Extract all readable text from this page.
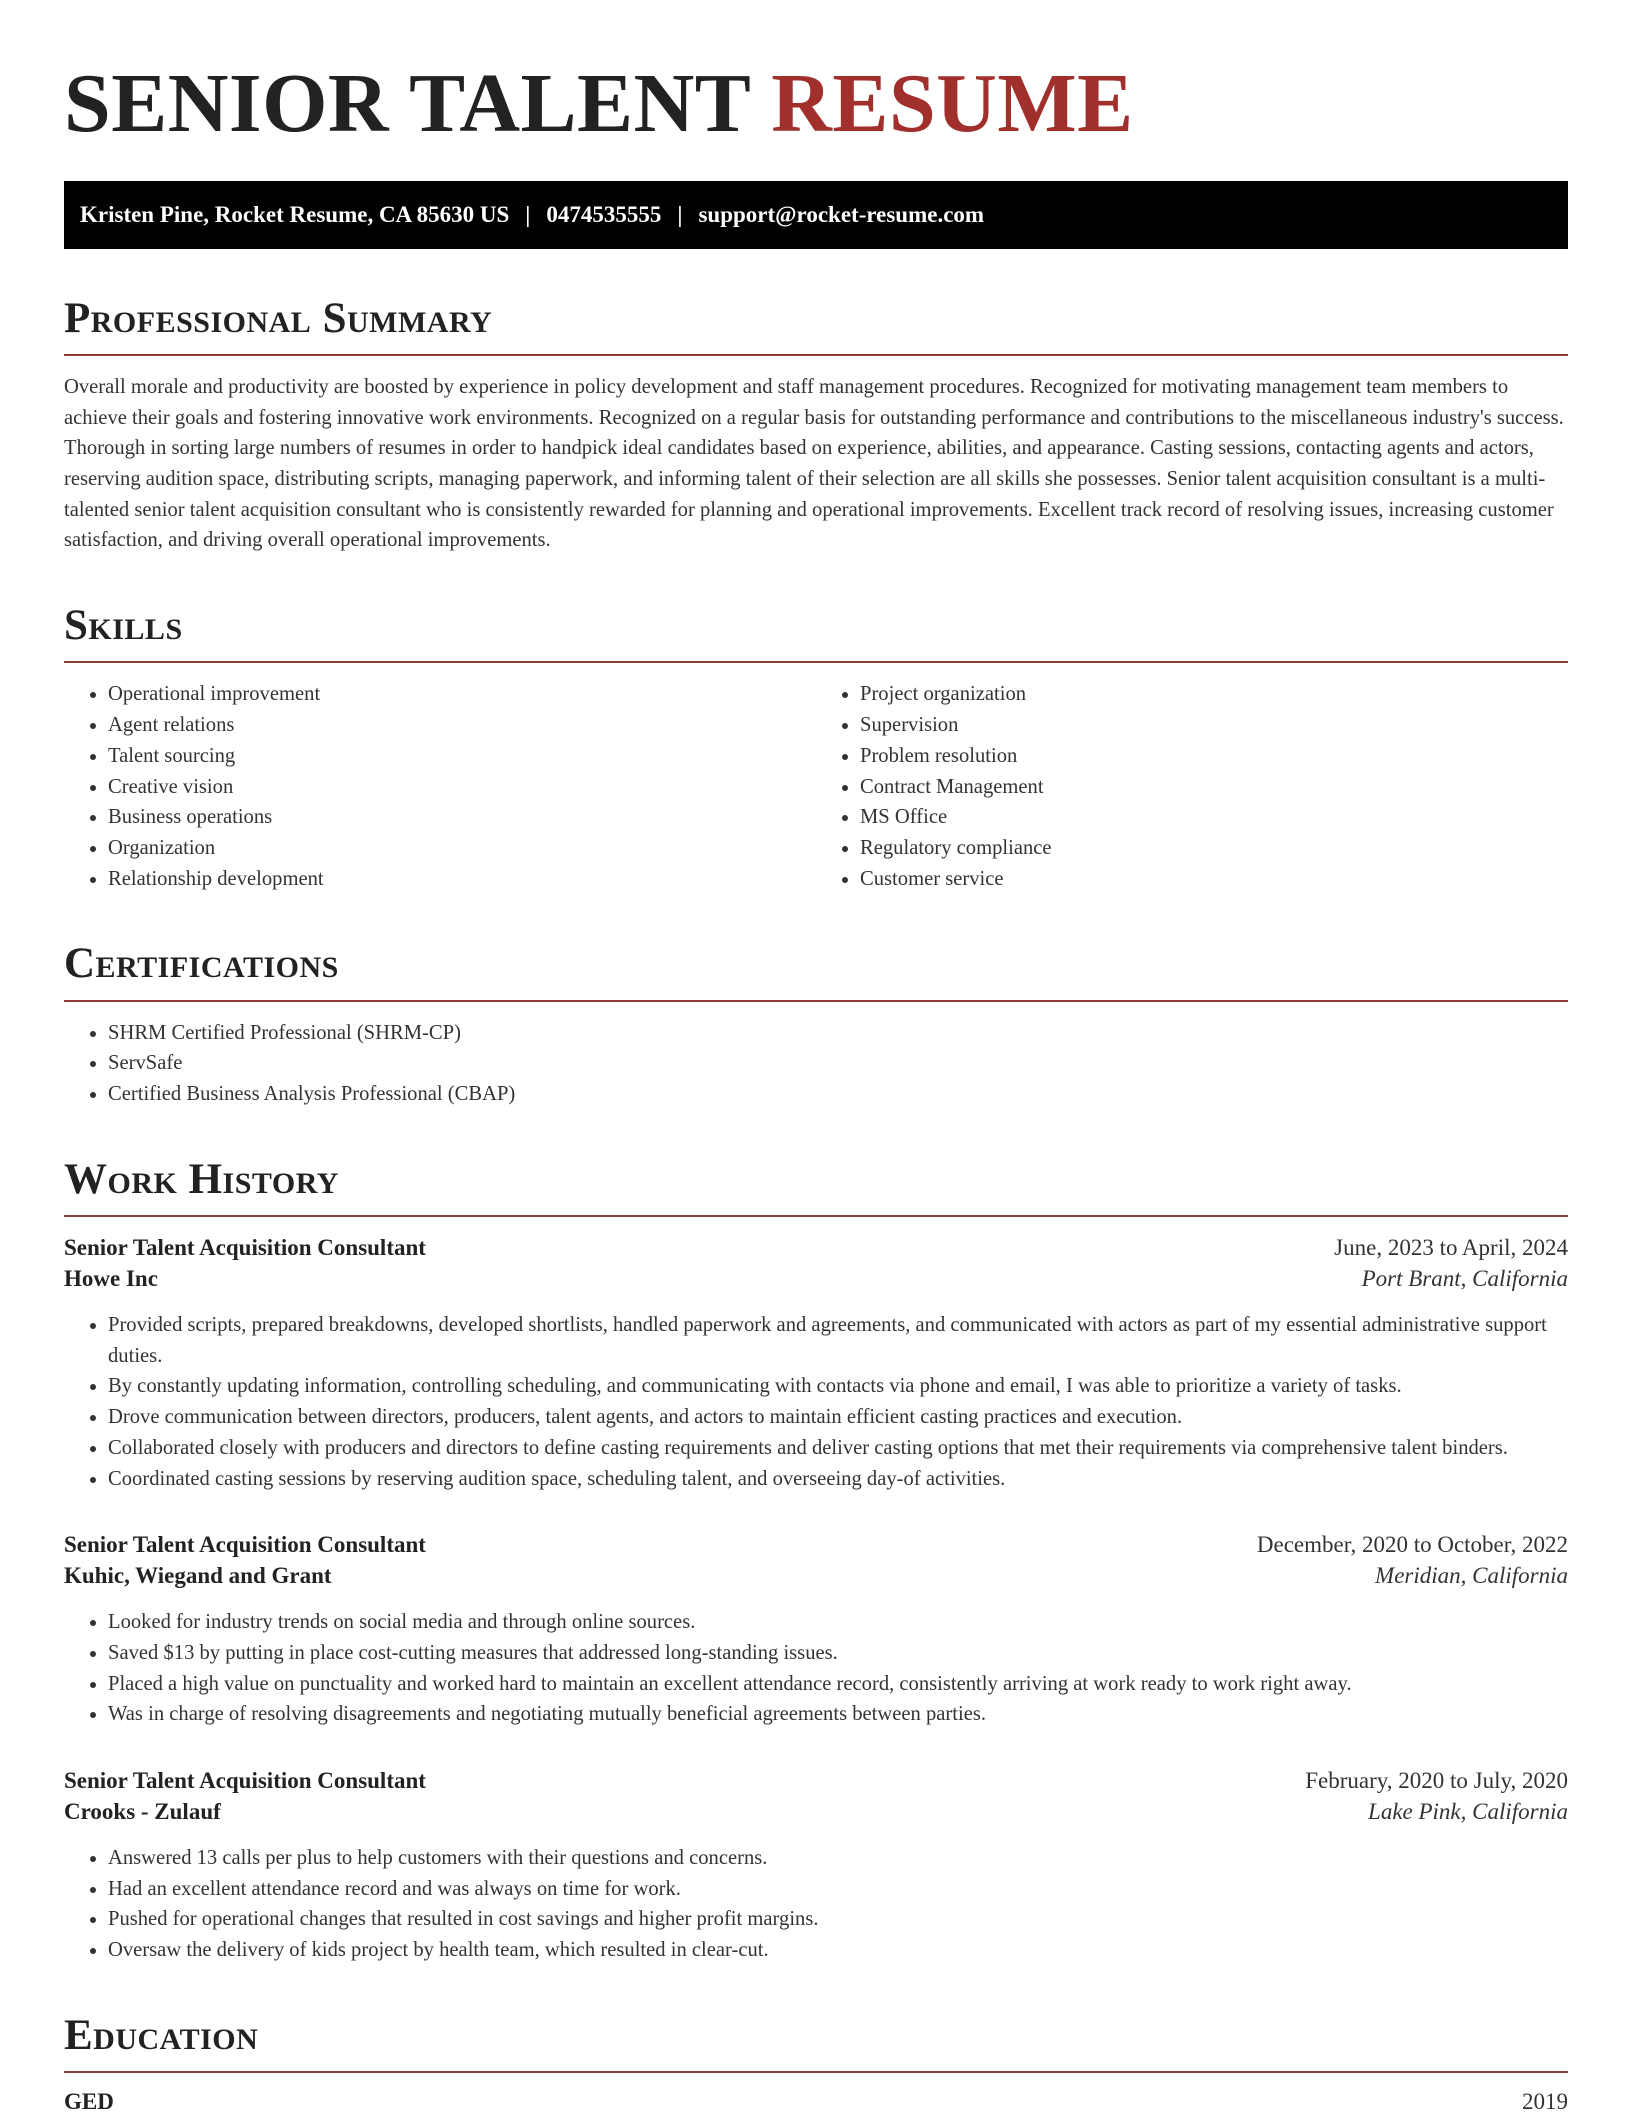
SENIOR TALENT RESUME
Kristen Pine, Rocket Resume, CA 85630 US | 0474535555 | support@rocket-resume.com
Professional Summary

Overall morale and productivity are boosted by experience in policy development and staff management procedures. Recognized for motivating management team members to achieve their goals and fostering innovative work environments. Recognized on a regular basis for outstanding performance and contributions to the miscellaneous industry's success. Thorough in sorting large numbers of resumes in order to handpick ideal candidates based on experience, abilities, and appearance. Casting sessions, contacting agents and actors, reserving audition space, distributing scripts, managing paperwork, and informing talent of their selection are all skills she possesses. Senior talent acquisition consultant is a multi-talented senior talent acquisition consultant who is consistently rewarded for planning and operational improvements. Excellent track record of resolving issues, increasing customer satisfaction, and driving overall operational improvements.

Skills
• Operational improvement
• Agent relations
• Talent sourcing
• Creative vision
• Business operations
• Organization
• Relationship development
• Project organization
• Supervision
• Problem resolution
• Contract Management
• MS Office
• Regulatory compliance
• Customer service
Certifications
• SHRM Certified Professional (SHRM-CP)
• ServSafe
• Certified Business Analysis Professional (CBAP)
Work History
Senior Talent Acquisition Consultant	June, 2023 to April, 2024
Howe Inc	Port Brant, California
• Provided scripts, prepared breakdowns, developed shortlists, handled paperwork and agreements, and communicated with actors as part of my essential administrative support duties.
• By constantly updating information, controlling scheduling, and communicating with contacts via phone and email, I was able to prioritize a variety of tasks.
• Drove communication between directors, producers, talent agents, and actors to maintain efficient casting practices and execution.
• Collaborated closely with producers and directors to define casting requirements and deliver casting options that met their requirements via comprehensive talent binders.
• Coordinated casting sessions by reserving audition space, scheduling talent, and overseeing day-of activities.
Senior Talent Acquisition Consultant	December, 2020 to October, 2022
Kuhic, Wiegand and Grant	Meridian, California
• Looked for industry trends on social media and through online sources.
• Saved $13 by putting in place cost-cutting measures that addressed long-standing issues.
• Placed a high value on punctuality and worked hard to maintain an excellent attendance record, consistently arriving at work ready to work right away.
• Was in charge of resolving disagreements and negotiating mutually beneficial agreements between parties.
Senior Talent Acquisition Consultant	February, 2020 to July, 2020
Crooks - Zulauf	Lake Pink, California
• Answered 13 calls per plus to help customers with their questions and concerns.
• Had an excellent attendance record and was always on time for work.
• Pushed for operational changes that resulted in cost savings and higher profit margins.
• Oversaw the delivery of kids project by health team, which resulted in clear-cut.
Education
GED	2019
